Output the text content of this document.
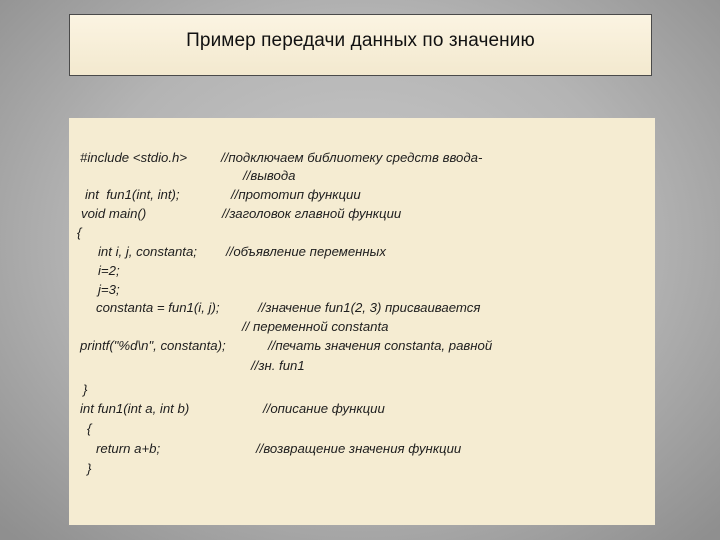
Пример передачи данных по значению

#include <stdio.h>

	//подключаем библиотеку средств ввода-

//вывода

int  fun1(int, int);

	//прототип функции

void main()

	//заголовок главной функции

{

int i, j, constanta;

//объявление переменных

i=2;

j=3;

constanta = fun1(i, j);

	//значение fun1(2, 3) присваивается

// переменной constanta

printf("%d\n", constanta);

	//печать значения constanta, равной

//зн. fun1

}

int fun1(int a, int b)

	//описание функции

{

return a+b;

	//возвращение значения функции

}
